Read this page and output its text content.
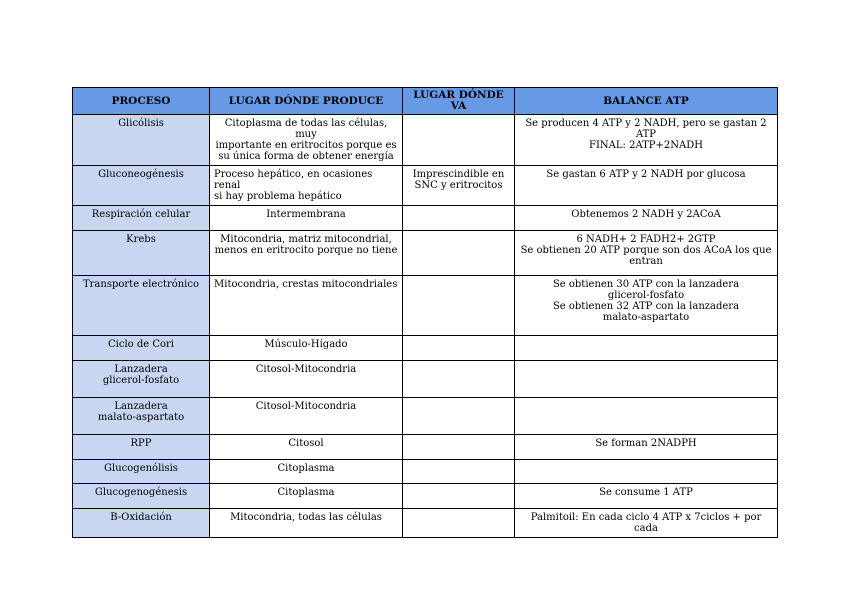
PROCESO	LUGAR DÓNDE PRODUCE	LUGAR DÓNDE VA	BALANCE ATP

Glicólisis	Citoplasma de todas las células, muy
importante en eritrocitos porque es
su única forma de obtener energía		Se producen 4 ATP y 2 NADH, pero se gastan 2
ATP
FINAL: 2ATP+2NADH

Gluconeogénesis	Proceso hepático, en ocasiones renal
si hay problema hepático	Imprescindible en
SNC y eritrocitos	Se gastan 6 ATP y 2 NADH por glucosa

Respiración celular	Intermembrana		Obtenemos 2 NADH y 2ACoA

Krebs	Mitocondria, matriz mitocondrial,
menos en eritrocito porque no tiene		6 NADH+ 2 FADH2+ 2GTP
Se obtienen 20 ATP porque son dos ACoA los que
entran

Transporte electrónico	Mitocondria, crestas mitocondriales		Se obtienen 30 ATP con la lanzadera
glicerol-fosfato
Se obtienen 32 ATP con la lanzadera
malato-aspartato

Ciclo de Cori	Músculo-Hígado		

Lanzadera
glicerol-fosfato	Citosol-Mitocondria		

Lanzadera
malato-aspartato	Citosol-Mitocondria		

RPP	Citosol		Se forman 2NADPH

Glucogenólisis	Citoplasma		

Glucogenogénesis	Citoplasma		Se consume 1 ATP

B-Oxidación	Mitocondria, todas las células		Palmitoil: En cada ciclo 4 ATP x 7ciclos + por cada
